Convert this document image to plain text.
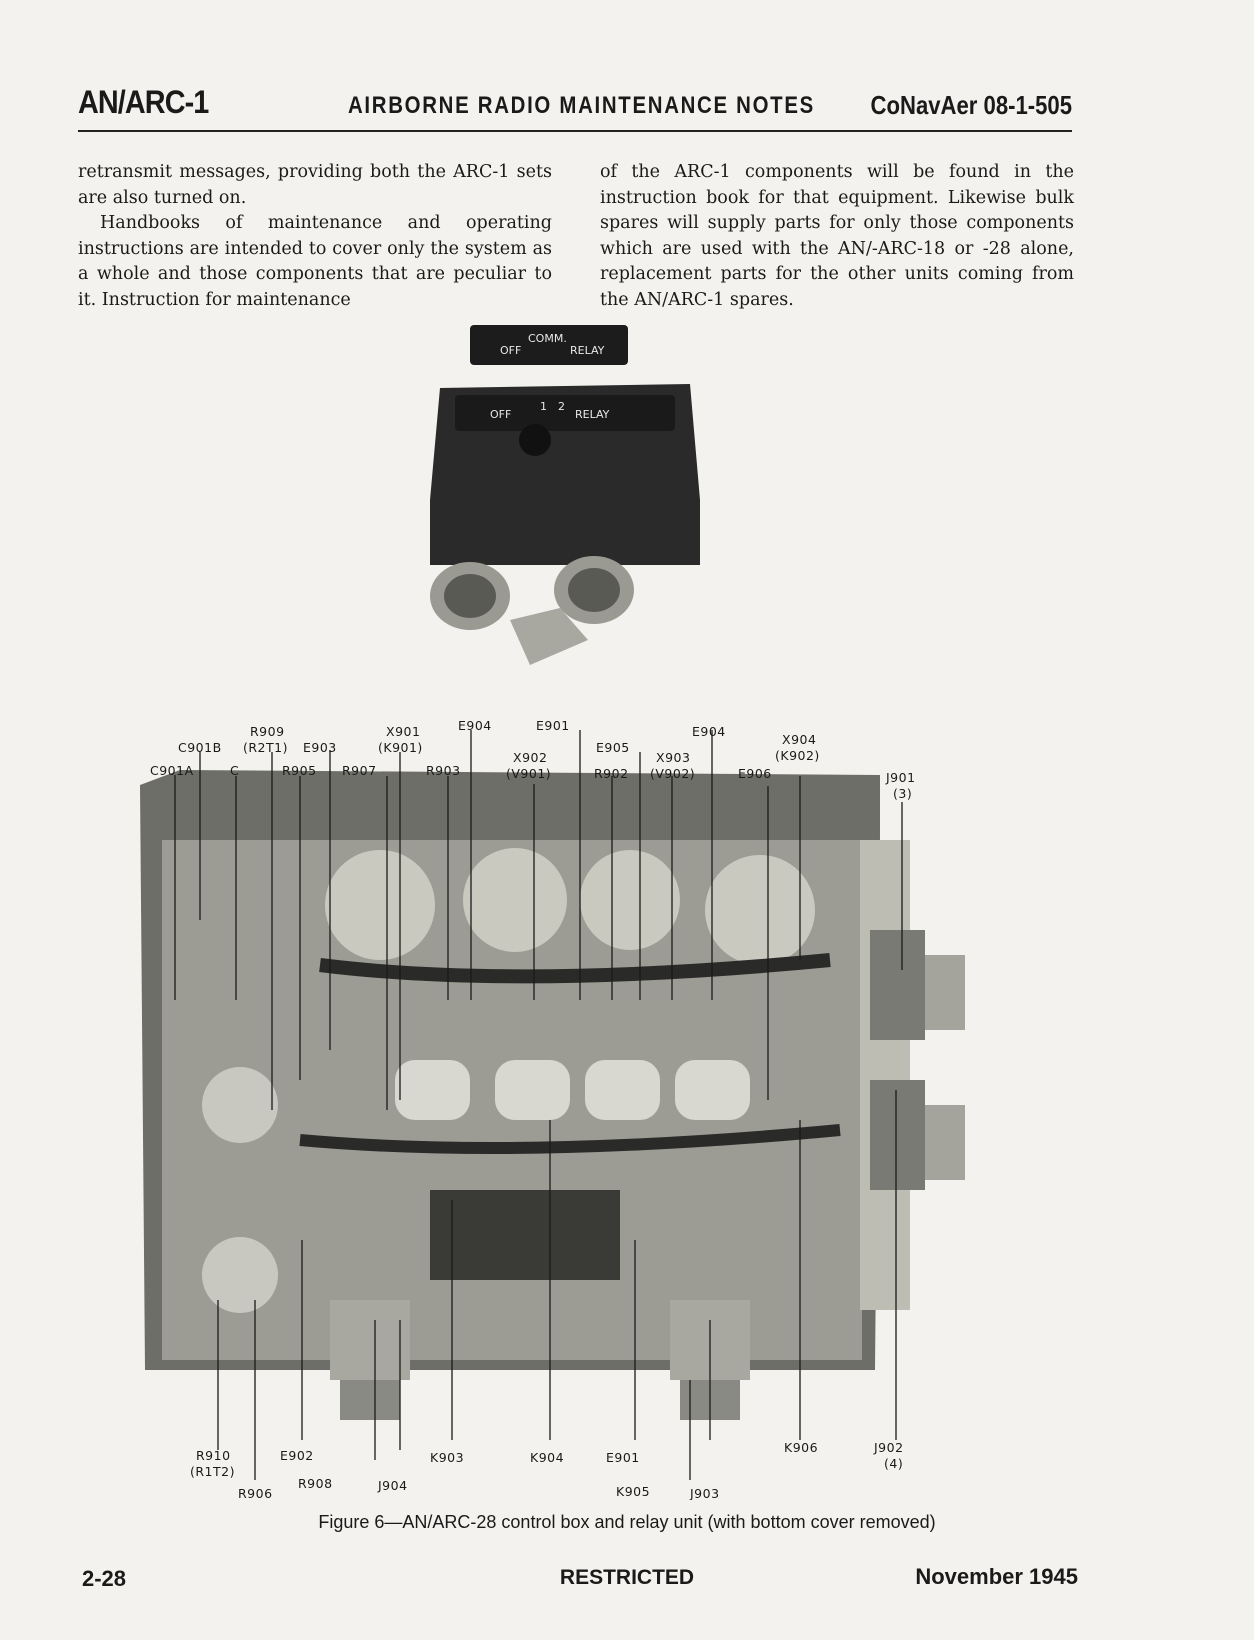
AN/ARC-1	AIRBORNE RADIO MAINTENANCE NOTES CoNavAer 08-1-505

retransmit messages, providing both the ARC-1 sets are also turned on.

Handbooks of maintenance and operating instructions are intended to cover only the system as a whole and those components that are peculiar to it. Instruction for maintenance

of the ARC-1 components will be found in the instruction book for that equipment. Likewise bulk spares will supply parts for only those components which are used with the AN/-ARC-18 or -28 alone, replacement parts for the other units coming from the AN/ARC-1 spares.

OFF
COMM.
RELAY
OFF
1 2
RELAY
R909
C901B (R2T1) E903
C901A	C	R905
X901
(K901)
R907
E904
R903
E901
X902
(V901)
E905
X903
(V902)
R902
E904
X904
(K902)
E906	J901
(3)
R910
(R1T2)
R906
E902
R908	J904
K903	K904	E901
K905	J903
K906	J902
(4)
Figure 6—AN/ARC-28 control box and relay unit (with bottom cover removed)
2-28	RESTRICTED	November 1945
